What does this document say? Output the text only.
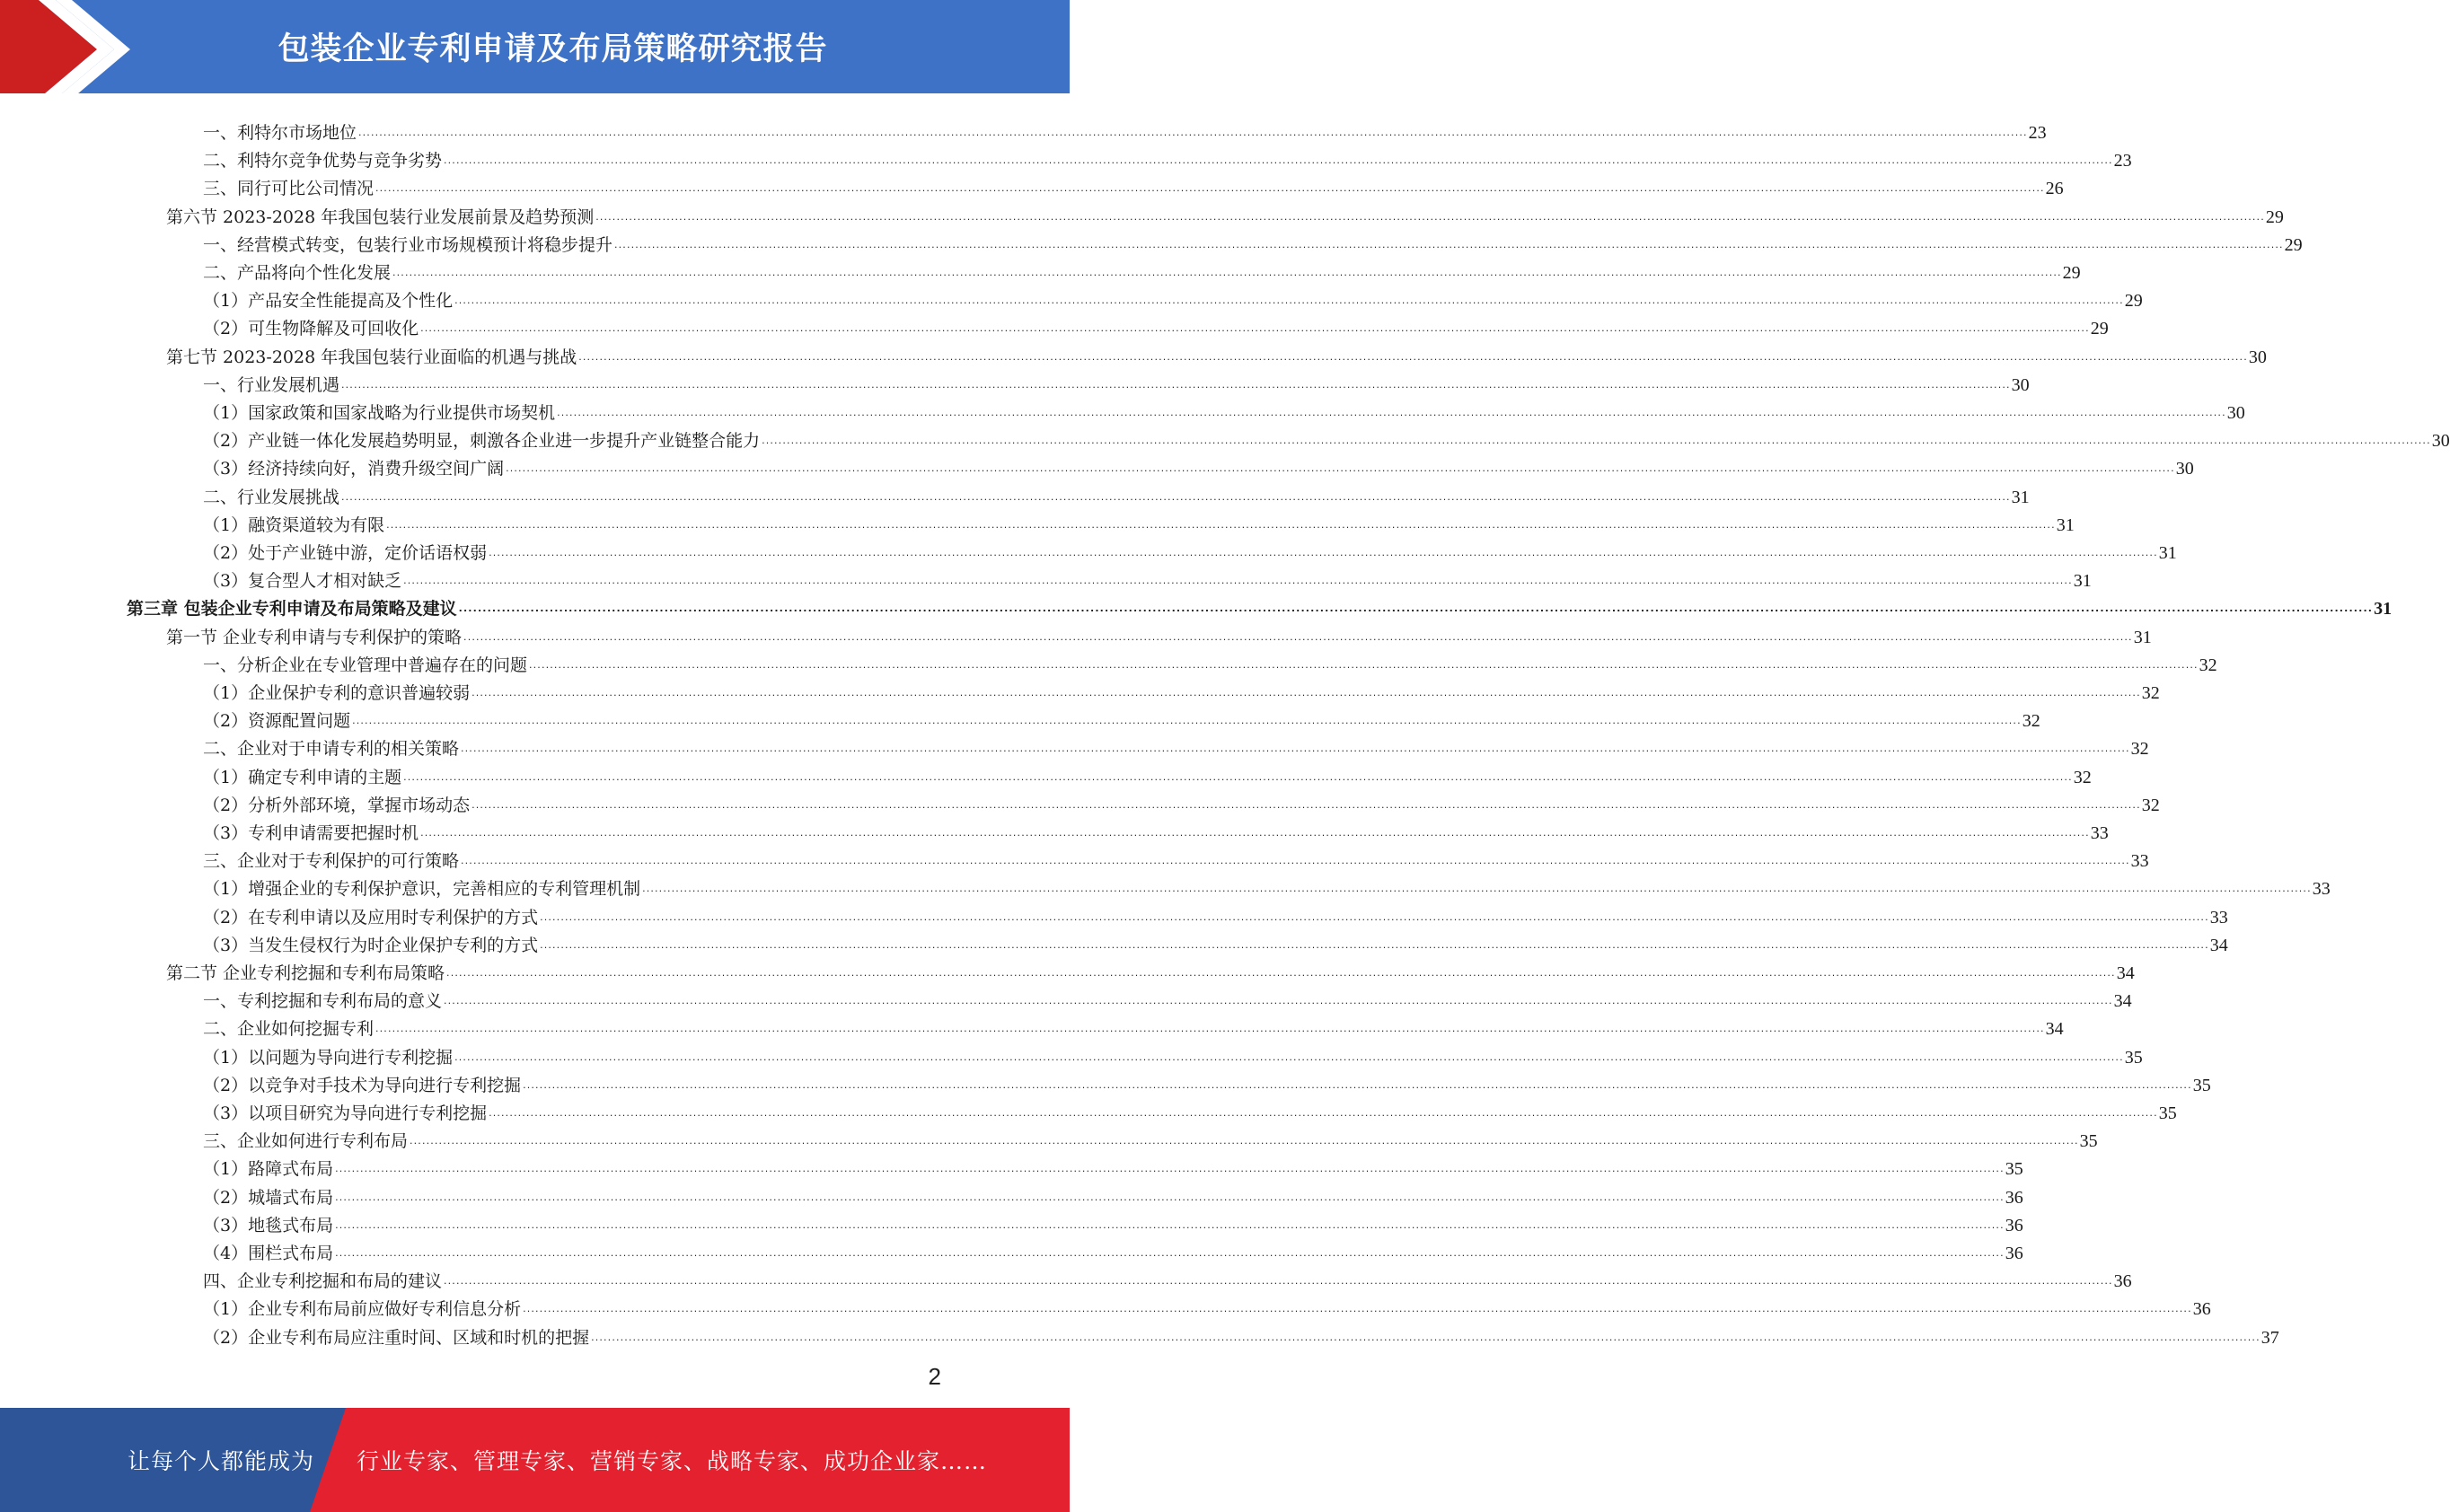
包装企业专利申请及布局策略研究报告
一、利特尔市场地位 ................................................................................................................................................................................................................................................................................................................................................................................................................ 23
二、利特尔竞争优势与竞争劣势 ................................................................................................................................................................................................................................................................................................................................................................................................................ 23
三、同行可比公司情况 ................................................................................................................................................................................................................................................................................................................................................................................................................ 26
第六节 2023-2028 年我国包装行业发展前景及趋势预测 ................................................................................................................................................................................................................................................................................................................................................................................................................ 29
一、经营模式转变，包装行业市场规模预计将稳步提升 ................................................................................................................................................................................................................................................................................................................................................................................................................ 29
二、产品将向个性化发展 ................................................................................................................................................................................................................................................................................................................................................................................................................ 29
（1）产品安全性能提高及个性化 ................................................................................................................................................................................................................................................................................................................................................................................................................ 29
（2）可生物降解及可回收化 ................................................................................................................................................................................................................................................................................................................................................................................................................ 29
第七节 2023-2028 年我国包装行业面临的机遇与挑战 ................................................................................................................................................................................................................................................................................................................................................................................................................ 30
一、行业发展机遇 ................................................................................................................................................................................................................................................................................................................................................................................................................ 30
（1）国家政策和国家战略为行业提供市场契机 ................................................................................................................................................................................................................................................................................................................................................................................................................ 30
（2）产业链一体化发展趋势明显，刺激各企业进一步提升产业链整合能力 ................................................................................................................................................................................................................................................................................................................................................................................................................ 30
（3）经济持续向好，消费升级空间广阔 ................................................................................................................................................................................................................................................................................................................................................................................................................ 30
二、行业发展挑战 ................................................................................................................................................................................................................................................................................................................................................................................................................ 31
（1）融资渠道较为有限 ................................................................................................................................................................................................................................................................................................................................................................................................................ 31
（2）处于产业链中游，定价话语权弱 ................................................................................................................................................................................................................................................................................................................................................................................................................ 31
（3）复合型人才相对缺乏 ................................................................................................................................................................................................................................................................................................................................................................................................................ 31
第三章 包装企业专利申请及布局策略及建议 ................................................................................................................................................................................................................................................................................................................................................................................................................ 31
第一节 企业专利申请与专利保护的策略 ................................................................................................................................................................................................................................................................................................................................................................................................................ 31
一、分析企业在专业管理中普遍存在的问题 ................................................................................................................................................................................................................................................................................................................................................................................................................ 32
（1）企业保护专利的意识普遍较弱 ................................................................................................................................................................................................................................................................................................................................................................................................................ 32
（2）资源配置问题 ................................................................................................................................................................................................................................................................................................................................................................................................................ 32
二、企业对于申请专利的相关策略 ................................................................................................................................................................................................................................................................................................................................................................................................................ 32
（1）确定专利申请的主题 ................................................................................................................................................................................................................................................................................................................................................................................................................ 32
（2）分析外部环境，掌握市场动态 ................................................................................................................................................................................................................................................................................................................................................................................................................ 32
（3）专利申请需要把握时机 ................................................................................................................................................................................................................................................................................................................................................................................................................ 33
三、企业对于专利保护的可行策略 ................................................................................................................................................................................................................................................................................................................................................................................................................ 33
（1）增强企业的专利保护意识，完善相应的专利管理机制 ................................................................................................................................................................................................................................................................................................................................................................................................................ 33
（2）在专利申请以及应用时专利保护的方式 ................................................................................................................................................................................................................................................................................................................................................................................................................ 33
（3）当发生侵权行为时企业保护专利的方式 ................................................................................................................................................................................................................................................................................................................................................................................................................ 34
第二节 企业专利挖掘和专利布局策略 ................................................................................................................................................................................................................................................................................................................................................................................................................ 34
一、专利挖掘和专利布局的意义 ................................................................................................................................................................................................................................................................................................................................................................................................................ 34
二、企业如何挖掘专利 ................................................................................................................................................................................................................................................................................................................................................................................................................ 34
（1）以问题为导向进行专利挖掘 ................................................................................................................................................................................................................................................................................................................................................................................................................ 35
（2）以竞争对手技术为导向进行专利挖掘 ................................................................................................................................................................................................................................................................................................................................................................................................................ 35
（3）以项目研究为导向进行专利挖掘 ................................................................................................................................................................................................................................................................................................................................................................................................................ 35
三、企业如何进行专利布局 ................................................................................................................................................................................................................................................................................................................................................................................................................ 35
（1）路障式布局 ................................................................................................................................................................................................................................................................................................................................................................................................................ 35
（2）城墙式布局 ................................................................................................................................................................................................................................................................................................................................................................................................................ 36
（3）地毯式布局 ................................................................................................................................................................................................................................................................................................................................................................................................................ 36
（4）围栏式布局 ................................................................................................................................................................................................................................................................................................................................................................................................................ 36
四、企业专利挖掘和布局的建议 ................................................................................................................................................................................................................................................................................................................................................................................................................ 36
（1）企业专利布局前应做好专利信息分析 ................................................................................................................................................................................................................................................................................................................................................................................................................ 36
（2）企业专利布局应注重时间、区域和时机的把握 ................................................................................................................................................................................................................................................................................................................................................................................................................ 37
2
让每个人都能成为 行业专家、管理专家、营销专家、战略专家、成功企业家……
